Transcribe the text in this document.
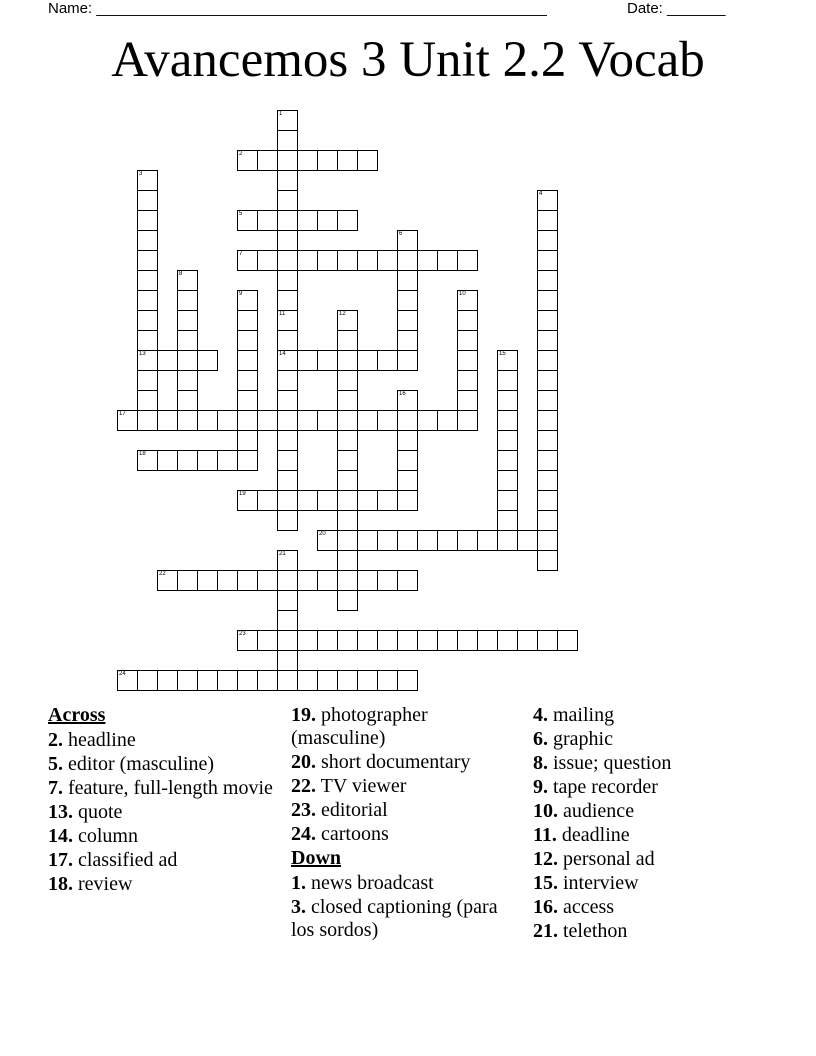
Name: ______________________________________________________	Date: _______
Avancemos 3 Unit 2.2 Vocab
2
5
7
13	14
17
18
19
20
22
23
24
1
11
3
4
6
8
9	10
12
15
16
21
Across
2. headline
5. editor (masculine)
7. feature, full-length movie
13. quote
14. column
17. classified ad
18. review
19. photographer (masculine)
20. short documentary
22. TV viewer
23. editorial
24. cartoons
Down
1. news broadcast
3. closed captioning (para los sordos)
4. mailing
6. graphic
8. issue; question
9. tape recorder
10. audience
11. deadline
12. personal ad
15. interview
16. access
21. telethon
